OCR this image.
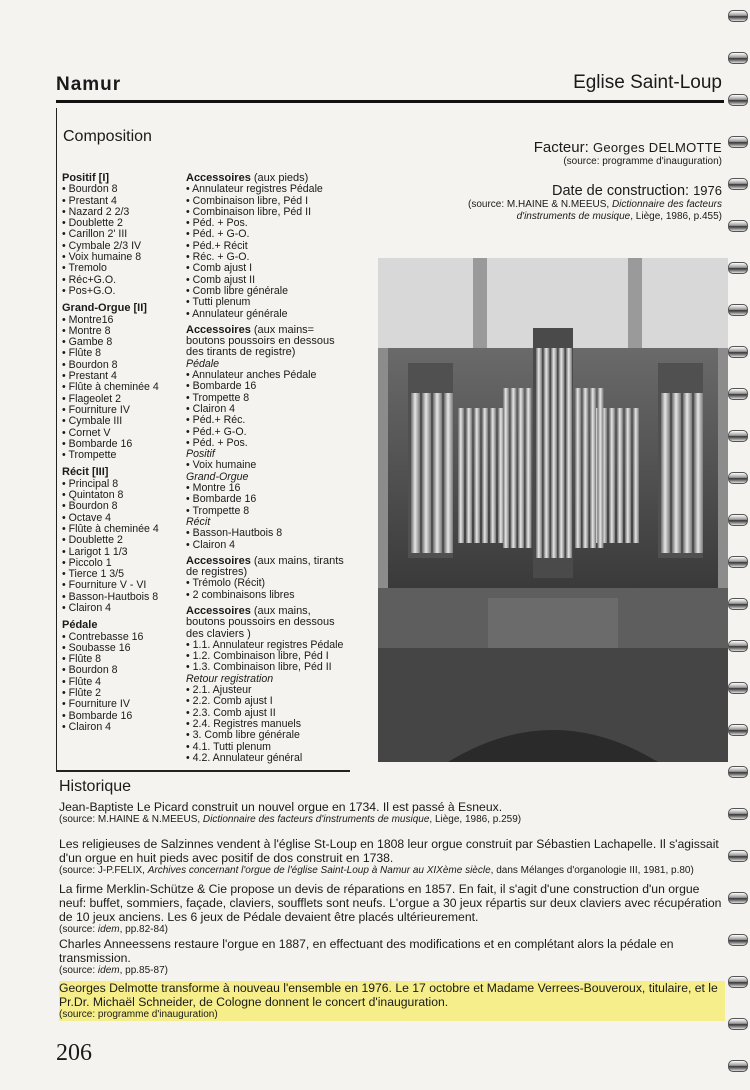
Namur	Eglise Saint-Loup
Composition
Positif [I]
• Bourdon 8
• Prestant 4
• Nazard 2 2/3
• Doublette 2
• Carillon 2' III
• Cymbale 2/3 IV
• Voix humaine 8
• Tremolo
• Réc+G.O.
• Pos+G.O.
Grand-Orgue [II]
• Montre16
• Montre 8
• Gambe 8
• Flûte 8
• Bourdon 8
• Prestant 4
• Flûte à cheminée 4
• Flageolet 2
• Fourniture IV
• Cymbale III
• Cornet V
• Bombarde 16
• Trompette
Récit [III]
• Principal 8
• Quintaton 8
• Bourdon 8
• Octave 4
• Flûte à cheminée 4
• Doublette 2
• Larigot 1 1/3
• Piccolo 1
• Tierce 1 3/5
• Fourniture V - VI
• Basson-Hautbois 8
• Clairon 4
Pédale
• Contrebasse 16
• Soubasse 16
• Flûte 8
• Bourdon 8
• Flûte 4
• Flûte 2
• Fourniture IV
• Bombarde 16
• Clairon 4
Accessoires (aux pieds)
• Annulateur registres Pédale
• Combinaison libre, Péd I
• Combinaison libre, Péd II
• Péd. + Pos.
• Péd. + G-O.
• Péd.+ Récit
• Réc. + G-O.
• Comb ajust I
• Comb ajust II
• Comb libre générale
• Tutti plenum
• Annulateur générale
Accessoires (aux mains= boutons poussoirs en dessous des tirants de registre)
Pédale
• Annulateur anches Pédale
• Bombarde 16
• Trompette 8
• Clairon 4
• Péd.+ Réc.
• Péd.+ G-O.
• Péd. + Pos.
Positif
• Voix humaine
Grand-Orgue
• Montre 16
• Bombarde 16
• Trompette 8
Récit
• Basson-Hautbois 8
• Clairon 4
Accessoires (aux mains, tirants de registres)
• Trémolo (Récit)
• 2 combinaisons libres
Accessoires (aux mains, boutons poussoirs en dessous des claviers )
• 1.1. Annulateur registres Pédale
• 1.2. Combinaison libre, Péd I
• 1.3. Combinaison libre, Péd II
Retour registration
• 2.1. Ajusteur
• 2.2. Comb ajust I
• 2.3. Comb ajust II
• 2.4. Registres manuels
• 3. Comb libre générale
• 4.1. Tutti plenum
• 4.2. Annulateur général
Facteur: Georges DELMOTTE
(source: programme d'inauguration)
Date de construction: 1976
(source: M.HAINE & N.MEEUS, Dictionnaire des facteurs d'instruments de musique, Liège, 1986, p.455)
Historique
Jean-Baptiste Le Picard construit un nouvel orgue en 1734. Il est passé à Esneux.
(source: M.HAINE & N.MEEUS, Dictionnaire des facteurs d'instruments de musique, Liège, 1986, p.259)
Les religieuses de Salzinnes vendent à l'église St-Loup en 1808 leur orgue construit par Sébastien Lachapelle. Il s'agissait d'un orgue en huit pieds avec positif de dos construit en 1738.
(source: J-P.FELIX, Archives concernant l'orgue de l'église Saint-Loup à Namur au XIXème siècle, dans Mélanges d'organologie III, 1981, p.80)
La firme Merklin-Schütze & Cie propose un devis de réparations en 1857. En fait, il s'agit d'une construction d'un orgue neuf: buffet, sommiers, façade, claviers, soufflets sont neufs. L'orgue a 30 jeux répartis sur deux claviers avec récupération de 10 jeux anciens. Les 6 jeux de Pédale devaient être placés ultérieurement.
(source: idem, pp.82-84)
Charles Anneessens restaure l'orgue en 1887, en effectuant des modifications et en complétant alors la pédale en transmission.
(source: idem, pp.85-87)
Georges Delmotte transforme à nouveau l'ensemble en 1976. Le 17 octobre et Madame Verrees-Bouveroux, titulaire, et le Pr.Dr. Michaël Schneider, de Cologne donnent le concert d'inauguration.
(source: programme d'inauguration)
206
